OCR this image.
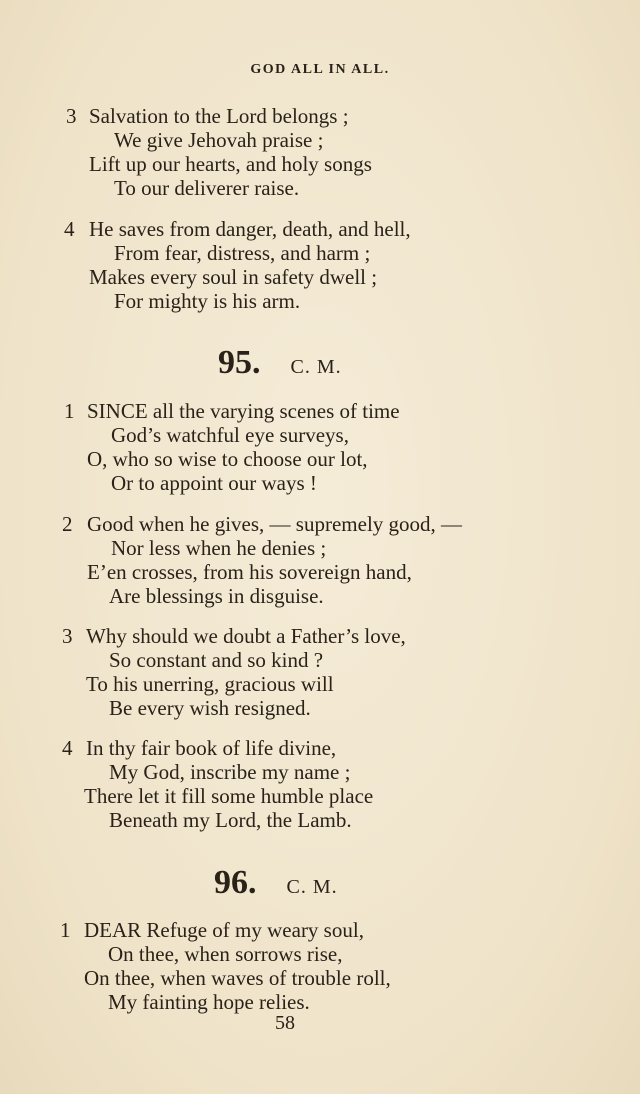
GOD ALL IN ALL.
3 Salvation to the Lord belongs ;
We give Jehovah praise ;
Lift up our hearts, and holy songs
To our deliverer raise.
4 He saves from danger, death, and hell,
From fear, distress, and harm ;
Makes every soul in safety dwell ;
For mighty is his arm.
95. C. M.
1 SINCE all the varying scenes of time
God’s watchful eye surveys,
O, who so wise to choose our lot,
Or to appoint our ways !
2 Good when he gives, — supremely good, —
Nor less when he denies ;
E’en crosses, from his sovereign hand,
Are blessings in disguise.
3 Why should we doubt a Father’s love,
So constant and so kind ?
To his unerring, gracious will
Be every wish resigned.
4 In thy fair book of life divine,
My God, inscribe my name ;
There let it fill some humble place
Beneath my Lord, the Lamb.
96. C. M.
1 DEAR Refuge of my weary soul,
On thee, when sorrows rise,
On thee, when waves of trouble roll,
My fainting hope relies.
58
